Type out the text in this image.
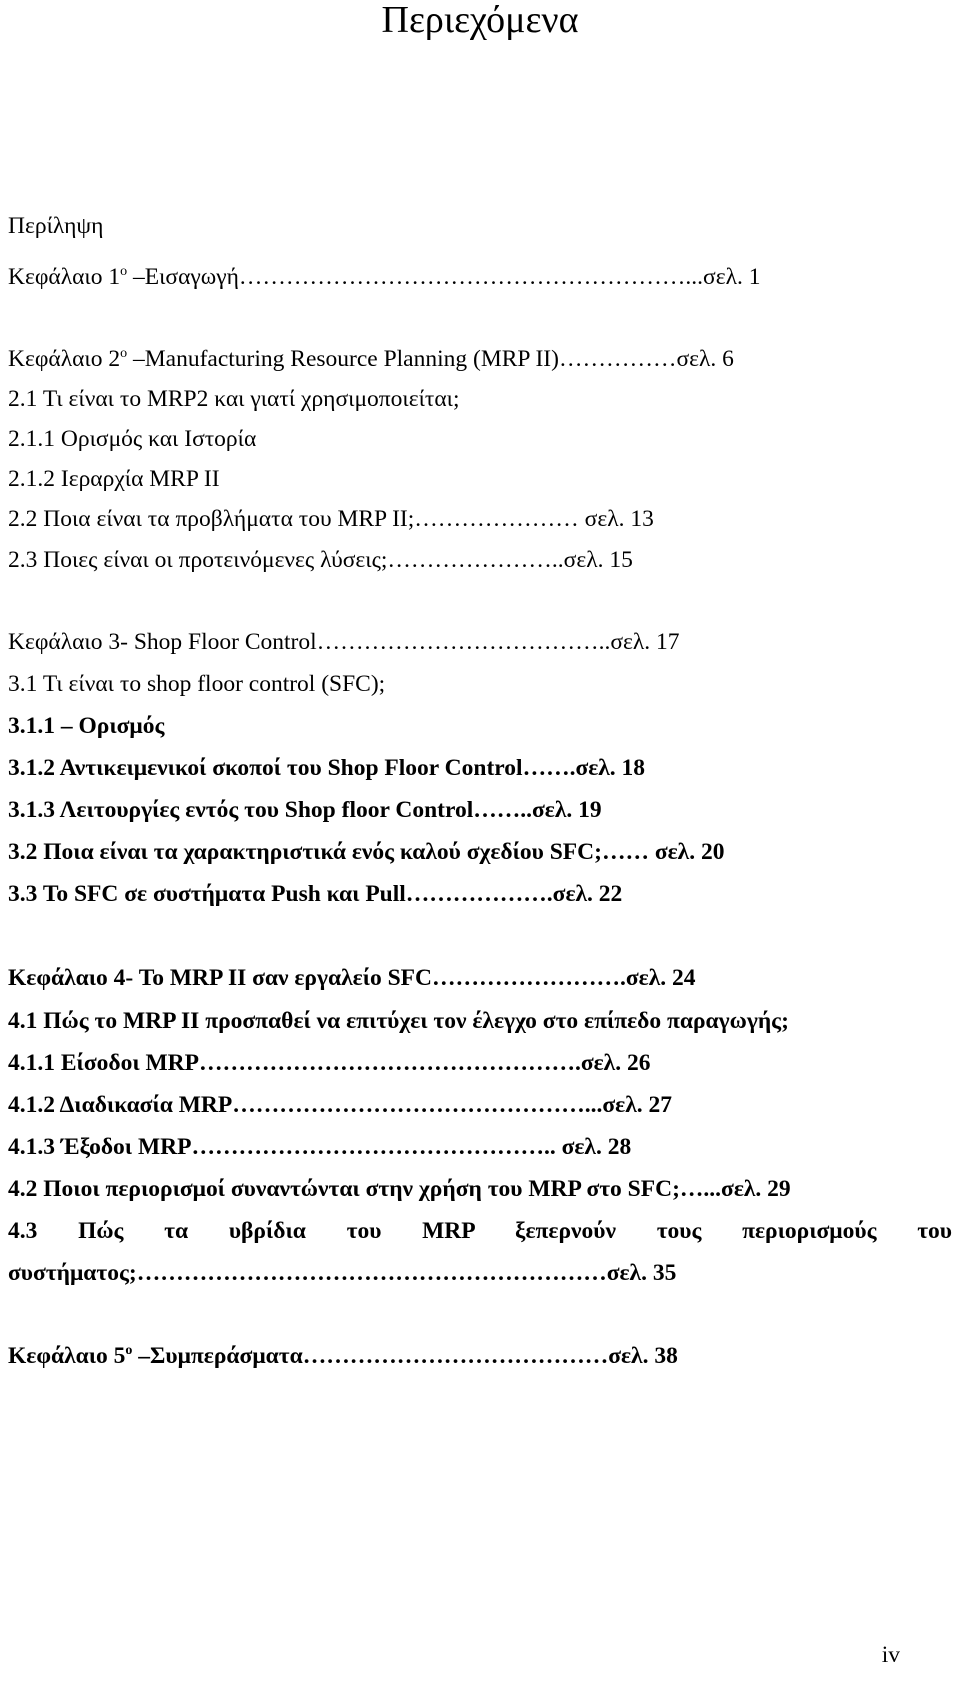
Περιεχόμενα
Περίληψη
Κεφάλαιο $1^o$ –Εισαγωγή…………………………………………………...σελ. 1
Κεφάλαιο $2^o$ –Manufacturing Resource Planning (MRP II)……………σελ. 6
2.1 Τι είναι το MRP2 και γιατί χρησιμοποιείται;
2.1.1 Ορισμός και Ιστορία
2.1.2 Ιεραρχία MRP II
2.2 Ποια είναι τα προβλήματα του MRP II;………………… σελ. 13
2.3 Ποιες είναι οι προτεινόμενες λύσεις;…………………..σελ. 15
Κεφάλαιο 3- Shop Floor Control………………………………..σελ. 17
3.1 Τι είναι το shop floor control (SFC);
3.1.1 – Ορισμός
3.1.2 Αντικειμενικοί σκοποί του Shop Floor Control…….σελ. 18
3.1.3 Λειτουργίες εντός του Shop floor Control……..σελ. 19
3.2 Ποια είναι τα χαρακτηριστικά ενός καλού σχεδίου SFC;…… σελ. 20
3.3 Το SFC σε συστήματα Push και Pull……………….σελ. 22
Κεφάλαιο 4- Το MRP II σαν εργαλείο SFC…………………….σελ. 24
4.1 Πώς το MRP II προσπαθεί να επιτύχει τον έλεγχο στο επίπεδο παραγωγής;
4.1.1 Είσοδοι MRP………………………………………….σελ. 26
4.1.2 Διαδικασία MRP………………………………………...σελ. 27
4.1.3 Έξοδοι MRP……………………………………….. σελ. 28
4.2 Ποιοι περιορισμοί συναντώνται στην χρήση του MRP στο SFC;…...σελ. 29
4.3 Πώς τα υβρίδια του MRP ξεπερνούν τους περιορισμούς του
συστήματος;……………………………………………………σελ. 35
Κεφάλαιο $5^o$ –Συμπεράσματα…………………………………σελ. 38
iv
